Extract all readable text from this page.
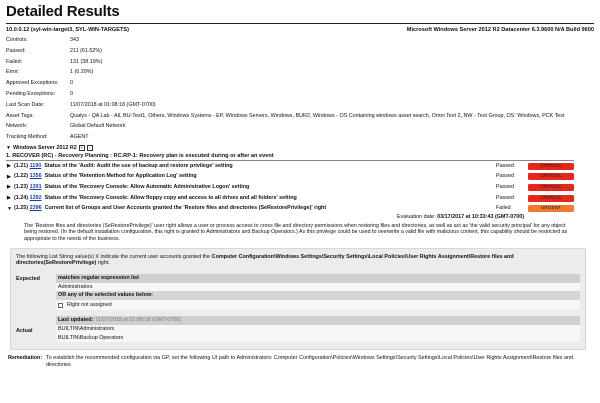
Detailed Results
10.0.0.12 (syl-win-target3, SYL-WIN-TARGETS)	Microsoft Windows Server 2012 R2 Datacenter 6.3.9600 N/A Build 9600
Controls:	343
Passed:	211 (61.52%)
Failed:	131 (38.19%)
Error:	1 (0.29%)
Approved Exceptions:	0
Pending Exceptions:	0
Last Scan Date:	11/07/2018 at 01:08:18 (GMT-0700)
Asset Tags:	Qualys - QA Lab - All, BU-Test1, Others, Windows Systems - EP, Windows Servers, Windows, BUR2, Windows - OS Containing windows asset search, Omni Test 2, NW - Test Group, OS: Windows, PCK Test
Network:	Global Default Network
Tracking Method:	AGENT
▼ Windows Server 2012 R2 +	-
1. RECOVER (RC) - Recovery Planning : RC.RP-1: Recovery plan is executed during or after an event
▶ (1.21)
1190 Status of the 'Audit: Audit the use of backup and restore privilege' setting	Passed	CRITICAL
▶ (1.22)
1356 Status of the 'Retention Method for Application Log' setting	Passed	CRITICAL
▶ (1.23)
1391 Status of the 'Recovery Console: Allow Automatic Administrative Logon' setting	Passed	CRITICAL
▶ (1.24)
1392 Status of the 'Recovery Console: Allow floppy copy and access to all drives and all folders' setting	Passed	CRITICAL
▼ (1.25)
2396 Current list of Groups and User Accounts granted the 'Restore files and directories (SeRestorePrivilege)' right	Failed	URGENT
Evaluation date: 03/17/2017 at 10:33:43 (GMT-0700)
The 'Restore files and directories (SeRestorePrivilege)' user right allows a user or process access to cross file and directory permissions when restoring files and directories, as well as act as 'the valid security principal' for any object being restored. (In the default installation configuration, this right is granted to Administrators and Backup Operators.) As this privilege could be used to overwrite a valid file with malicious content, this capability should be restricted as appropriate to the needs of the business.
The following List String value(s) X indicate the current user accounts granted the Computer Configuration\Windows Settings\Security Settings\Local Policies\User Rights Assignment\Restore files and directories(SeRestorePrivilege) right.
Expected	matches regular expression list
Administrators
OR any of the selected values below:
Right not assigned
Actual
Last updated: 11/07/2018 at 01:08:18 (GMT-0700)
BUILTIN\Administrators
BUILTIN\Backup Operators
Remediation: To establish the recommended configuration via GP, set the following UI path to Administrators: Computer Configuration\Policies\Windows Settings\Security Settings\Local Policies\User Rights Assignment\Restore files and directories
